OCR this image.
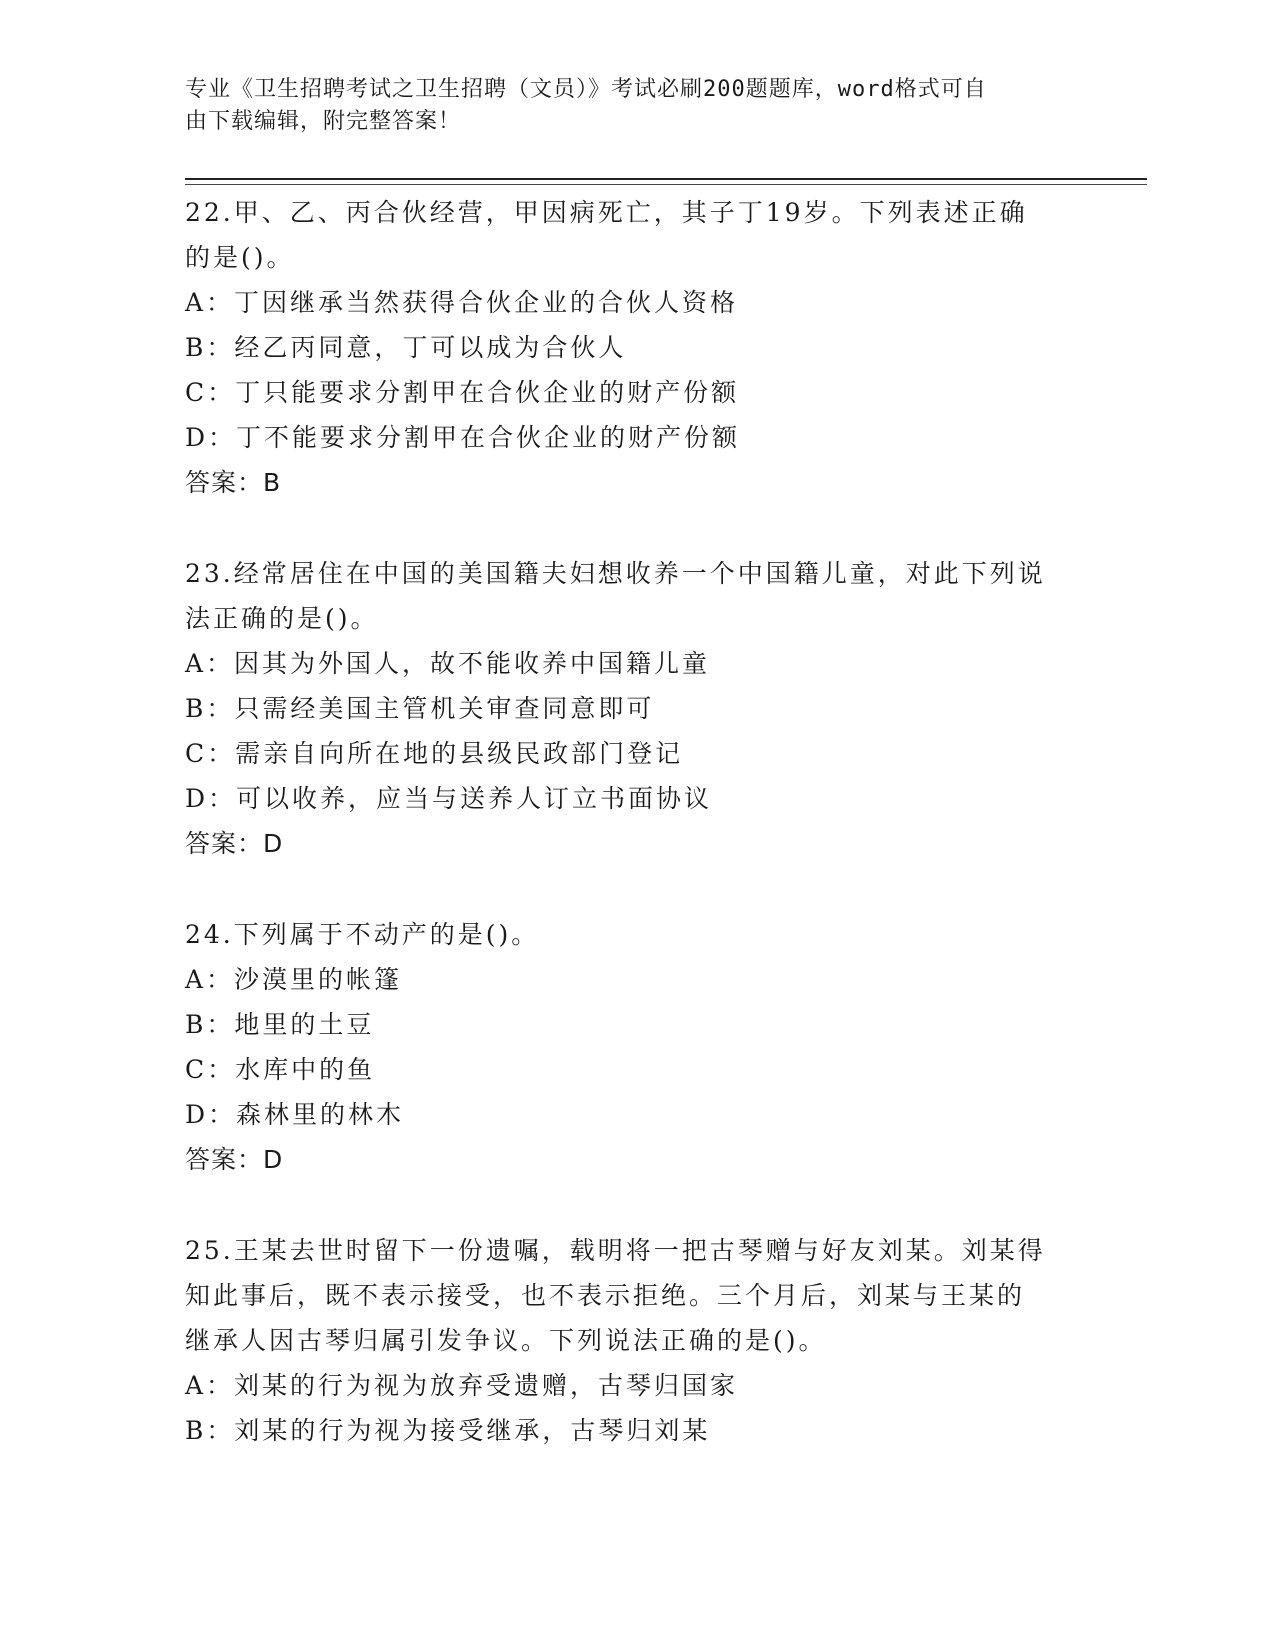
专业《卫生招聘考试之卫生招聘（文员）》考试必刷200题题库，word格式可自
由下载编辑，附完整答案！

22.甲、乙、丙合伙经营，甲因病死亡，其子丁19岁。下列表述正确

的是()。

A：丁因继承当然获得合伙企业的合伙人资格

B：经乙丙同意，丁可以成为合伙人

C：丁只能要求分割甲在合伙企业的财产份额

D：丁不能要求分割甲在合伙企业的财产份额

答案：B

23.经常居住在中国的美国籍夫妇想收养一个中国籍儿童，对此下列说

法正确的是()。

A：因其为外国人，故不能收养中国籍儿童

B：只需经美国主管机关审查同意即可

C：需亲自向所在地的县级民政部门登记

D：可以收养，应当与送养人订立书面协议

答案：D

24.下列属于不动产的是()。

A：沙漠里的帐篷

B：地里的土豆

C：水库中的鱼

D：森林里的林木

答案：D

25.王某去世时留下一份遗嘱，载明将一把古琴赠与好友刘某。刘某得

知此事后，既不表示接受，也不表示拒绝。三个月后，刘某与王某的

继承人因古琴归属引发争议。下列说法正确的是()。

A：刘某的行为视为放弃受遗赠，古琴归国家

B：刘某的行为视为接受继承，古琴归刘某
